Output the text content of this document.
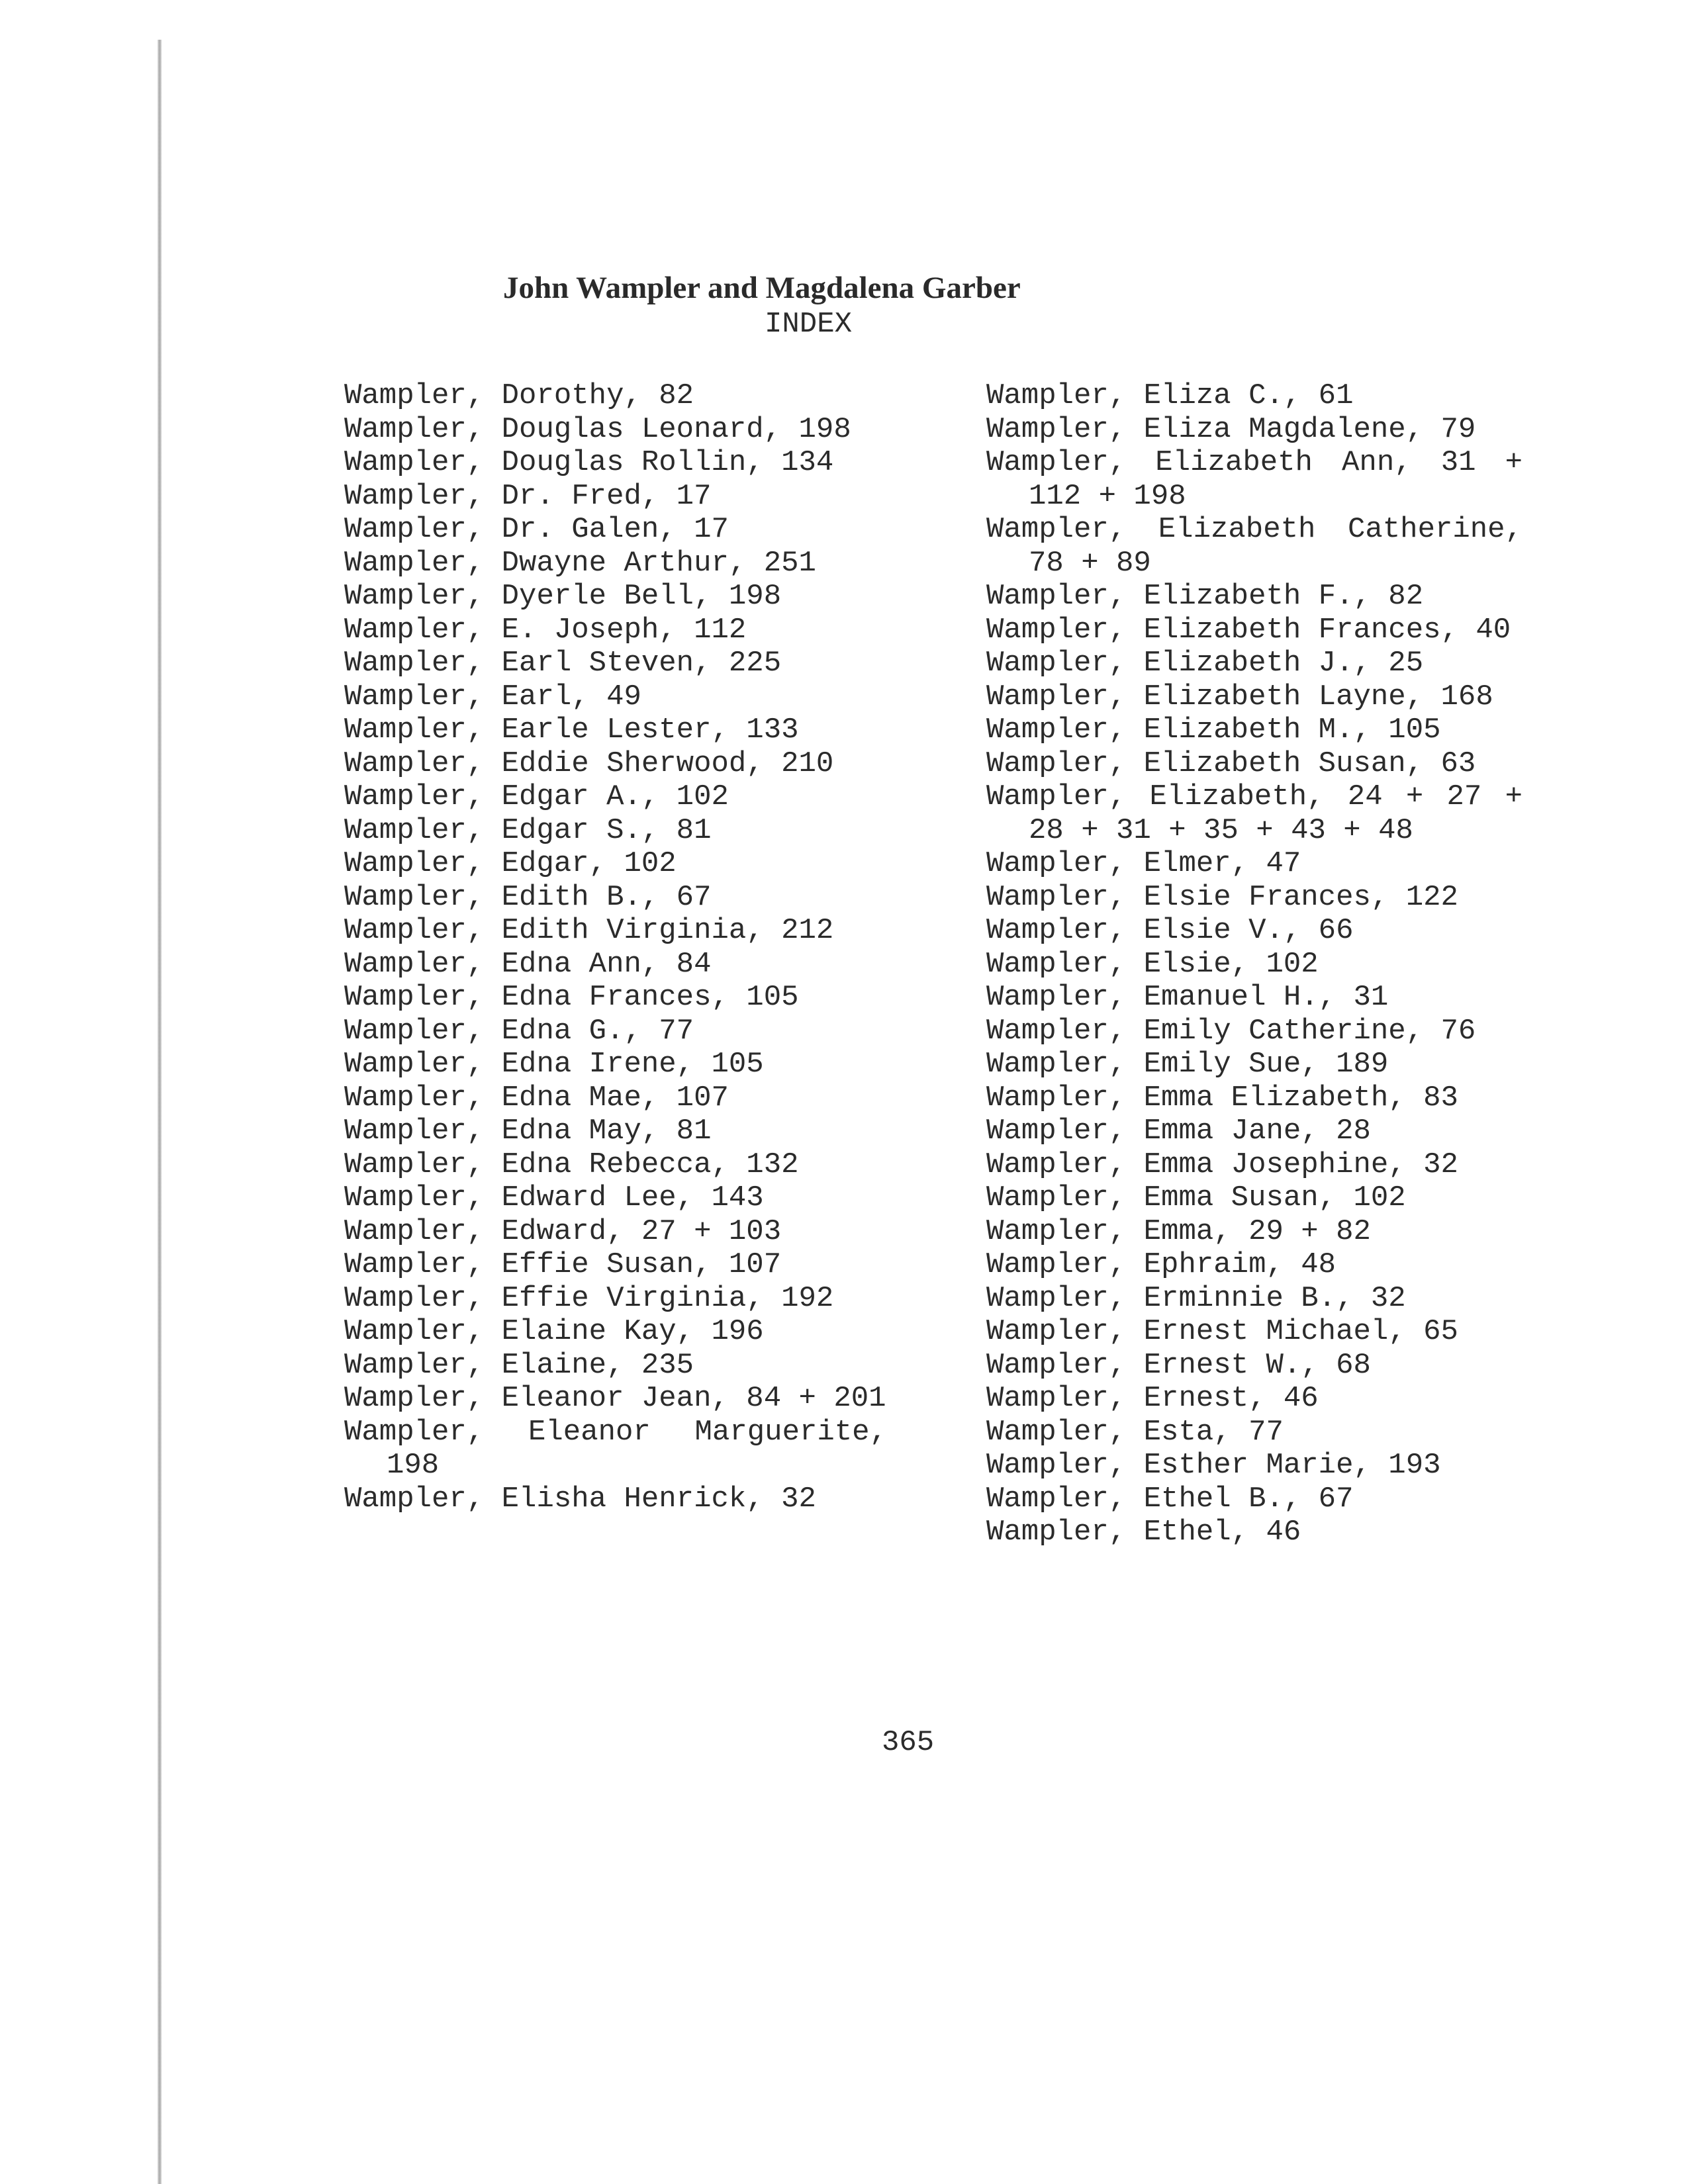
John Wampler and Magdalena Garber
INDEX

Wampler, Dorothy, 82

Wampler, Douglas Leonard, 198

Wampler, Douglas Rollin, 134

Wampler, Dr. Fred, 17

Wampler, Dr. Galen, 17

Wampler, Dwayne Arthur, 251

Wampler, Dyerle Bell, 198

Wampler, E. Joseph, 112

Wampler, Earl Steven, 225

Wampler, Earl, 49

Wampler, Earle Lester, 133

Wampler, Eddie Sherwood, 210

Wampler, Edgar A., 102

Wampler, Edgar S., 81

Wampler, Edgar, 102

Wampler, Edith B., 67

Wampler, Edith Virginia, 212

Wampler, Edna Ann, 84

Wampler, Edna Frances, 105

Wampler, Edna G., 77

Wampler, Edna Irene, 105

Wampler, Edna Mae, 107

Wampler, Edna May, 81

Wampler, Edna Rebecca, 132

Wampler, Edward Lee, 143

Wampler, Edward, 27 + 103

Wampler, Effie Susan, 107

Wampler, Effie Virginia, 192

Wampler, Elaine Kay, 196

Wampler, Elaine, 235

Wampler, Eleanor Jean, 84 + 201

Wampler, Eleanor Marguerite, 198

Wampler, Elisha Henrick, 32

Wampler, Eliza C., 61

Wampler, Eliza Magdalene, 79

Wampler, Elizabeth Ann, 31 + 112 + 198

Wampler, Elizabeth Catherine, 78 + 89

Wampler, Elizabeth F., 82

Wampler, Elizabeth Frances, 40

Wampler, Elizabeth J., 25

Wampler, Elizabeth Layne, 168

Wampler, Elizabeth M., 105

Wampler, Elizabeth Susan, 63

Wampler, Elizabeth, 24 + 27 + 28 + 31 + 35 + 43 + 48

Wampler, Elmer, 47

Wampler, Elsie Frances, 122

Wampler, Elsie V., 66

Wampler, Elsie, 102

Wampler, Emanuel H., 31

Wampler, Emily Catherine, 76

Wampler, Emily Sue, 189

Wampler, Emma Elizabeth, 83

Wampler, Emma Jane, 28

Wampler, Emma Josephine, 32

Wampler, Emma Susan, 102

Wampler, Emma, 29 + 82

Wampler, Ephraim, 48

Wampler, Erminnie B., 32

Wampler, Ernest Michael, 65

Wampler, Ernest W., 68

Wampler, Ernest, 46

Wampler, Esta, 77

Wampler, Esther Marie, 193

Wampler, Ethel B., 67

Wampler, Ethel, 46

365
